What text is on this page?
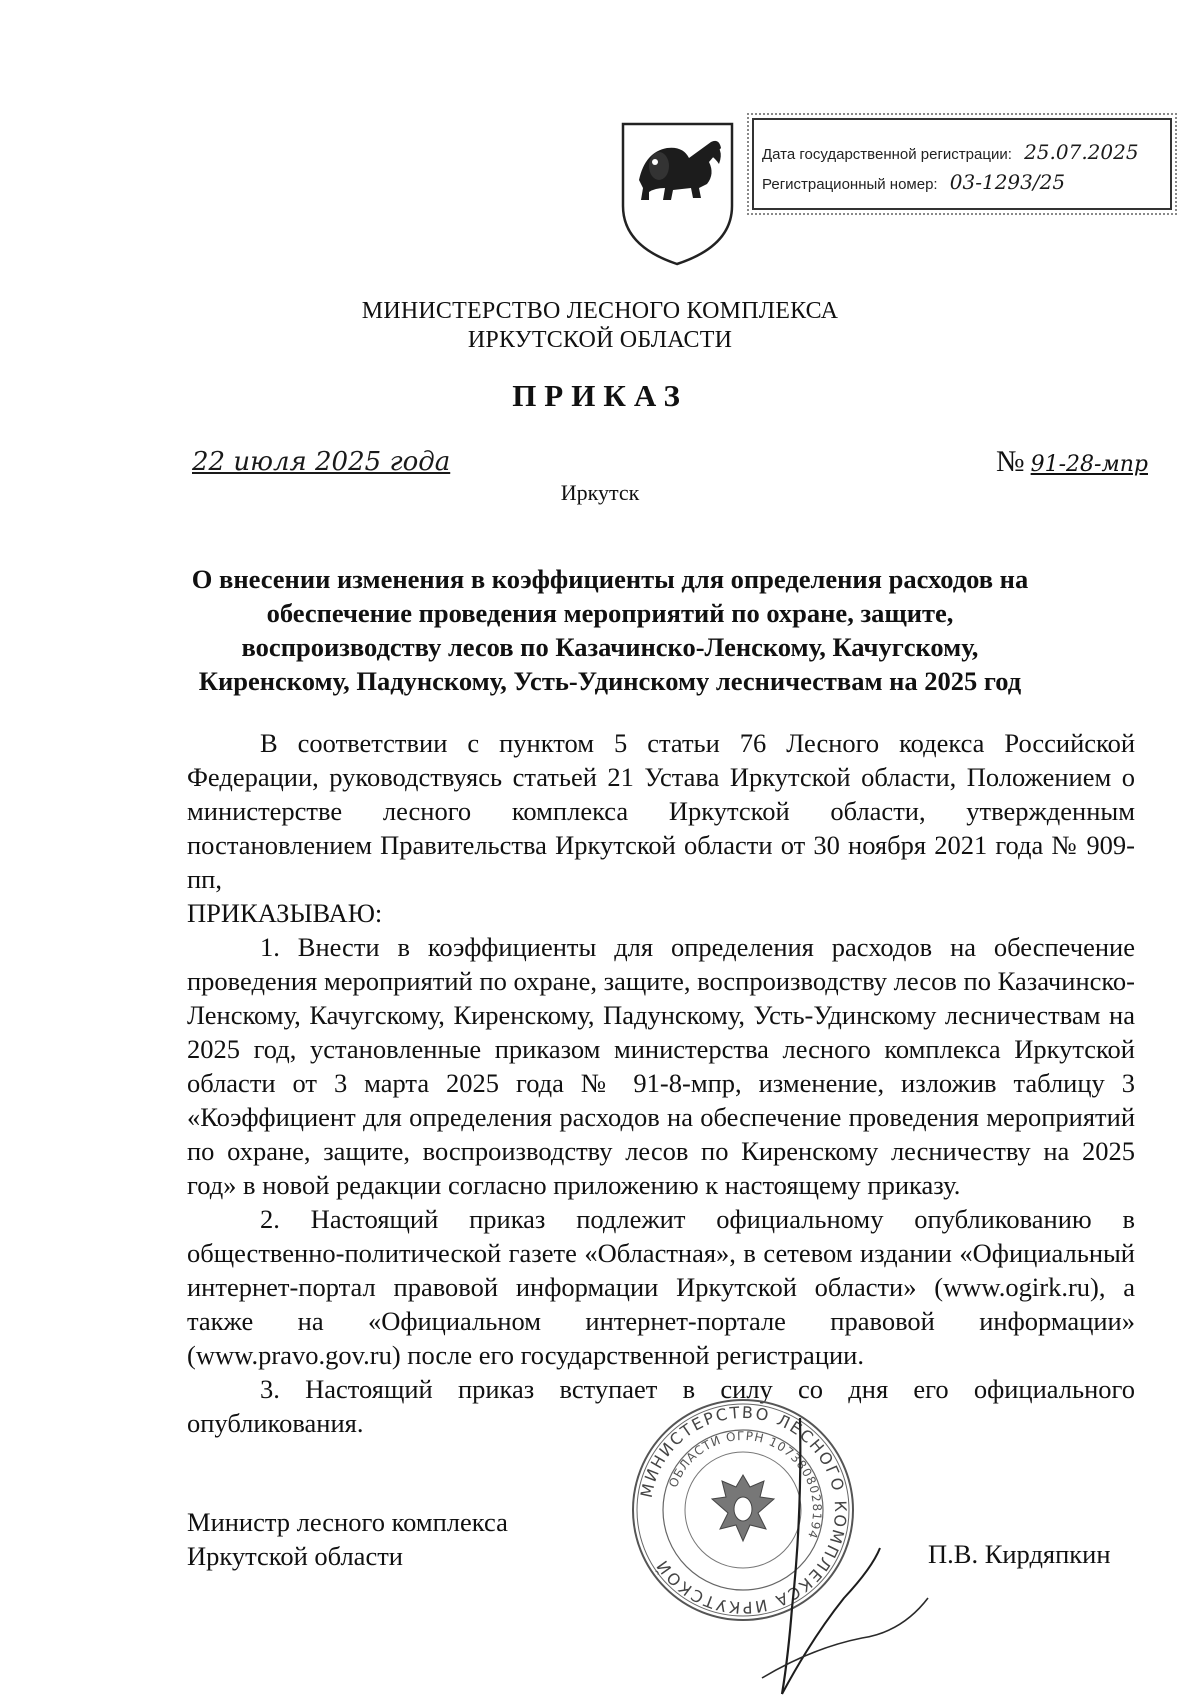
Дата государственной регистрации: 25.07.2025
Регистрационный номер: 03-1293/25
МИНИСТЕРСТВО ЛЕСНОГО КОМПЛЕКСА
ИРКУТСКОЙ ОБЛАСТИ
ПРИКАЗ
22 июля 2025 года	№ 91-28-мпр
Иркутск
О внесении изменения в коэффициенты для определения расходов на обеспечение проведения мероприятий по охране, защите, воспроизводству лесов по Казачинско-Ленскому, Качугскому, Киренскому, Падунскому, Усть-Удинскому лесничествам на 2025 год

В соответствии с пунктом 5 статьи 76 Лесного кодекса Российской Федерации, руководствуясь статьей 21 Устава Иркутской области, Положением о министерстве лесного комплекса Иркутской области, утвержденным постановлением Правительства Иркутской области от 30 ноября 2021 года № 909-пп,

ПРИКАЗЫВАЮ:

1. Внести в коэффициенты для определения расходов на обеспечение проведения мероприятий по охране, защите, воспроизводству лесов по Казачинско-Ленскому, Качугскому, Киренскому, Падунскому, Усть-Удинскому лесничествам на 2025 год, установленные приказом министерства лесного комплекса Иркутской области от 3 марта 2025 года № 91-8-мпр, изменение, изложив таблицу 3 «Коэффициент для определения расходов на обеспечение проведения мероприятий по охране, защите, воспроизводству лесов по Киренскому лесничеству на 2025 год» в новой редакции согласно приложению к настоящему приказу.

2. Настоящий приказ подлежит официальному опубликованию в общественно-политической газете «Областная», в сетевом издании «Официальный интернет-портал правовой информации Иркутской области» (www.ogirk.ru), а также на «Официальном интернет-портале правовой информации» (www.pravo.gov.ru) после его государственной регистрации.

3. Настоящий приказ вступает в силу со дня его официального опубликования.

Министр лесного комплекса
Иркутской области
МИНИСТЕРСТВО ЛЕСНОГО КОМПЛЕКСА ИРКУТСКОЙ
ОБЛАСТИ ОГРН 1073808028194
П.В. Кирдяпкин
